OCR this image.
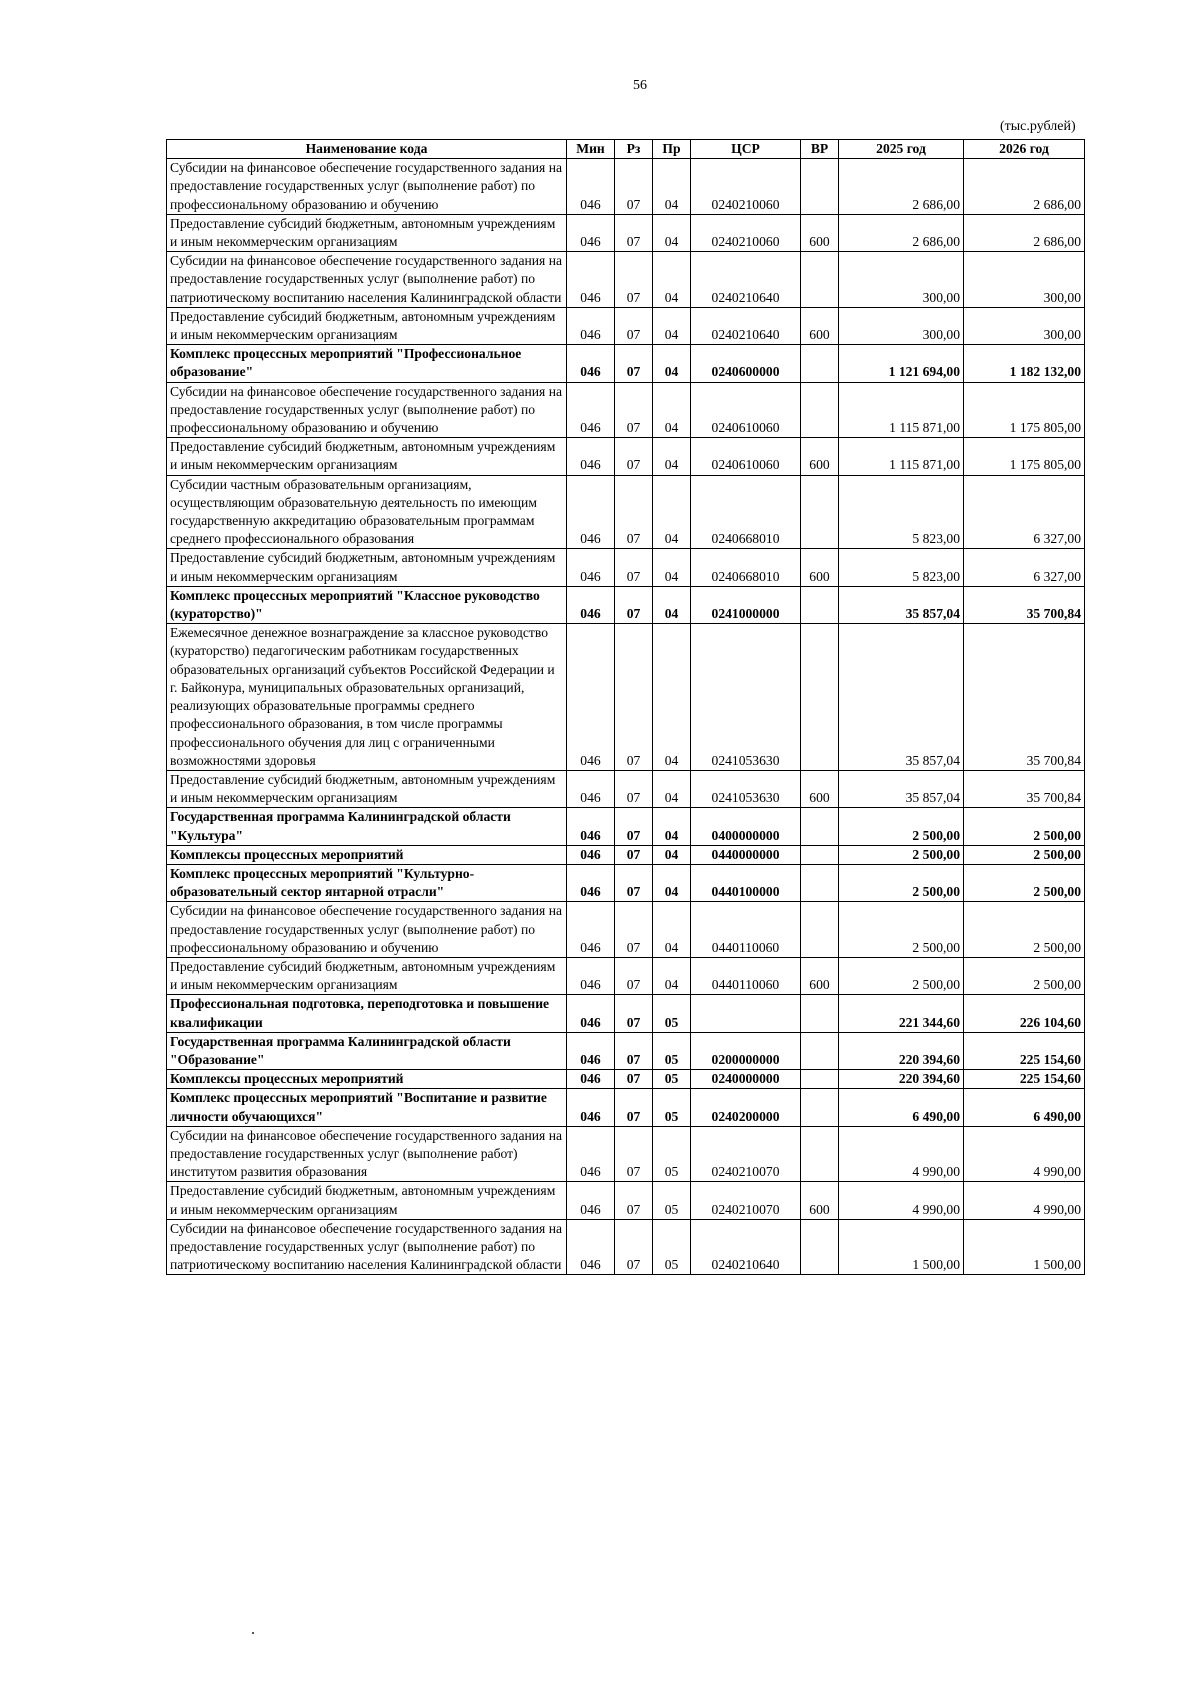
56
(тыс.рублей)
Наименование кода	Мин	Рз	Пр	ЦСР	ВР	2025 год	2026 год
Субсидии на финансовое обеспечение государственного задания на предоставление государственных услуг (выполнение работ) по профессиональному образованию и обучению	046	07	04	0240210060		2 686,00	2 686,00
Предоставление субсидий бюджетным, автономным учреждениям и иным некоммерческим организациям	046	07	04	0240210060	600	2 686,00	2 686,00
Субсидии на финансовое обеспечение государственного задания на предоставление государственных услуг (выполнение работ) по патриотическому воспитанию населения Калининградской области	046	07	04	0240210640		300,00	300,00
Предоставление субсидий бюджетным, автономным учреждениям и иным некоммерческим организациям	046	07	04	0240210640	600	300,00	300,00
Комплекс процессных мероприятий "Профессиональное образование"	046	07	04	0240600000		1 121 694,00	1 182 132,00
Субсидии на финансовое обеспечение государственного задания на предоставление государственных услуг (выполнение работ) по профессиональному образованию и обучению	046	07	04	0240610060		1 115 871,00	1 175 805,00
Предоставление субсидий бюджетным, автономным учреждениям и иным некоммерческим организациям	046	07	04	0240610060	600	1 115 871,00	1 175 805,00
Субсидии частным образовательным организациям, осуществляющим образовательную деятельность по имеющим государственную аккредитацию образовательным программам среднего профессионального образования	046	07	04	0240668010		5 823,00	6 327,00
Предоставление субсидий бюджетным, автономным учреждениям и иным некоммерческим организациям	046	07	04	0240668010	600	5 823,00	6 327,00
Комплекс процессных мероприятий "Классное руководство (кураторство)"	046	07	04	0241000000		35 857,04	35 700,84
Ежемесячное денежное вознаграждение за классное руководство (кураторство) педагогическим работникам государственных образовательных организаций субъектов Российской Федерации и г. Байконура, муниципальных образовательных организаций, реализующих образовательные программы среднего профессионального образования, в том числе программы профессионального обучения для лиц с ограниченными возможностями здоровья	046	07	04	0241053630		35 857,04	35 700,84
Предоставление субсидий бюджетным, автономным учреждениям и иным некоммерческим организациям	046	07	04	0241053630	600	35 857,04	35 700,84
Государственная программа Калининградской области "Культура"	046	07	04	0400000000		2 500,00	2 500,00
Комплексы процессных мероприятий	046	07	04	0440000000		2 500,00	2 500,00
Комплекс процессных мероприятий "Культурно-образовательный сектор янтарной отрасли"	046	07	04	0440100000		2 500,00	2 500,00
Субсидии на финансовое обеспечение государственного задания на предоставление государственных услуг (выполнение работ) по профессиональному образованию и обучению	046	07	04	0440110060		2 500,00	2 500,00
Предоставление субсидий бюджетным, автономным учреждениям и иным некоммерческим организациям	046	07	04	0440110060	600	2 500,00	2 500,00
Профессиональная подготовка, переподготовка и повышение квалификации	046	07	05			221 344,60	226 104,60
Государственная программа Калининградской области "Образование"	046	07	05	0200000000		220 394,60	225 154,60
Комплексы процессных мероприятий	046	07	05	0240000000		220 394,60	225 154,60
Комплекс процессных мероприятий "Воспитание и развитие личности обучающихся"	046	07	05	0240200000		6 490,00	6 490,00
Субсидии на финансовое обеспечение государственного задания на предоставление государственных услуг (выполнение работ) институтом развития образования	046	07	05	0240210070		4 990,00	4 990,00
Предоставление субсидий бюджетным, автономным учреждениям и иным некоммерческим организациям	046	07	05	0240210070	600	4 990,00	4 990,00
Субсидии на финансовое обеспечение государственного задания на предоставление государственных услуг (выполнение работ) по патриотическому воспитанию населения Калининградской области	046	07	05	0240210640		1 500,00	1 500,00
